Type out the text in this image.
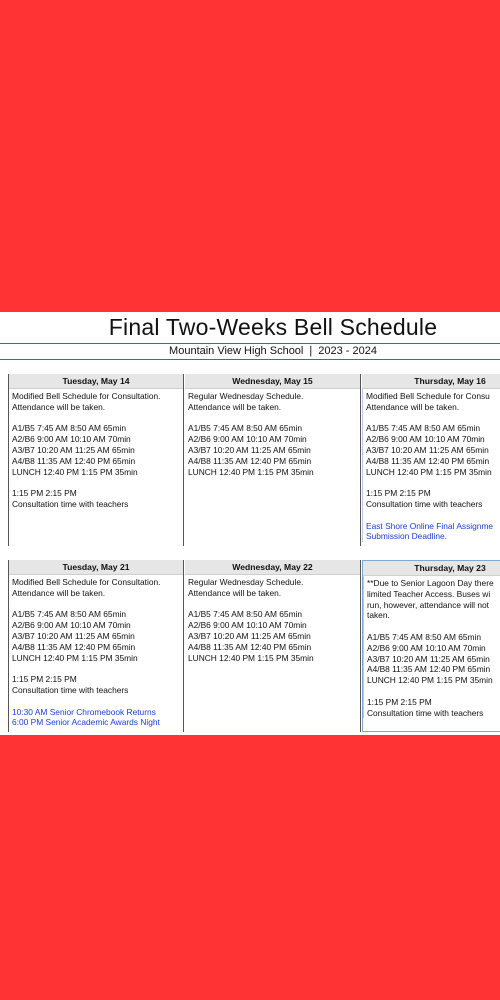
Final Two-Weeks Bell Schedule
Mountain View High School | 2023 - 2024
Tuesday, May 14
Modified Bell Schedule for Consultation.
Attendance will be taken.
A1/B5 7:45 AM 8:50 AM 65min
A2/B6 9:00 AM 10:10 AM 70min
A3/B7 10:20 AM 11:25 AM 65min
A4/B8 11:35 AM 12:40 PM 65min
LUNCH 12:40 PM 1:15 PM 35min
1:15 PM 2:15 PM
Consultation time with teachers
Wednesday, May 15
Regular Wednesday Schedule.
Attendance will be taken.
A1/B5 7:45 AM 8:50 AM 65min
A2/B6 9:00 AM 10:10 AM 70min
A3/B7 10:20 AM 11:25 AM 65min
A4/B8 11:35 AM 12:40 PM 65min
LUNCH 12:40 PM 1:15 PM 35min
Thursday, May 16
Modified Bell Schedule for Consu
Attendance will be taken.
A1/B5 7:45 AM 8:50 AM 65min
A2/B6 9:00 AM 10:10 AM 70min
A3/B7 10:20 AM 11:25 AM 65min
A4/B8 11:35 AM 12:40 PM 65min
LUNCH 12:40 PM 1:15 PM 35min
1:15 PM 2:15 PM
Consultation time with teachers
East Shore Online Final Assignme
Submission Deadline.
Tuesday, May 21
Modified Bell Schedule for Consultation.
Attendance will be taken.
A1/B5 7:45 AM 8:50 AM 65min
A2/B6 9:00 AM 10:10 AM 70min
A3/B7 10:20 AM 11:25 AM 65min
A4/B8 11:35 AM 12:40 PM 65min
LUNCH 12:40 PM 1:15 PM 35min
1:15 PM 2:15 PM
Consultation time with teachers
10:30 AM Senior Chromebook Returns
6:00 PM Senior Academic Awards Night
Wednesday, May 22
Regular Wednesday Schedule.
Attendance will be taken.
A1/B5 7:45 AM 8:50 AM 65min
A2/B6 9:00 AM 10:10 AM 70min
A3/B7 10:20 AM 11:25 AM 65min
A4/B8 11:35 AM 12:40 PM 65min
LUNCH 12:40 PM 1:15 PM 35min
Thursday, May 23
**Due to Senior Lagoon Day there
limited Teacher Access. Buses wi
run, however, attendance will not
taken.
A1/B5 7:45 AM 8:50 AM 65min
A2/B6 9:00 AM 10:10 AM 70min
A3/B7 10:20 AM 11:25 AM 65min
A4/B8 11:35 AM 12:40 PM 65min
LUNCH 12:40 PM 1:15 PM 35min
1:15 PM 2:15 PM
Consultation time with teachers
